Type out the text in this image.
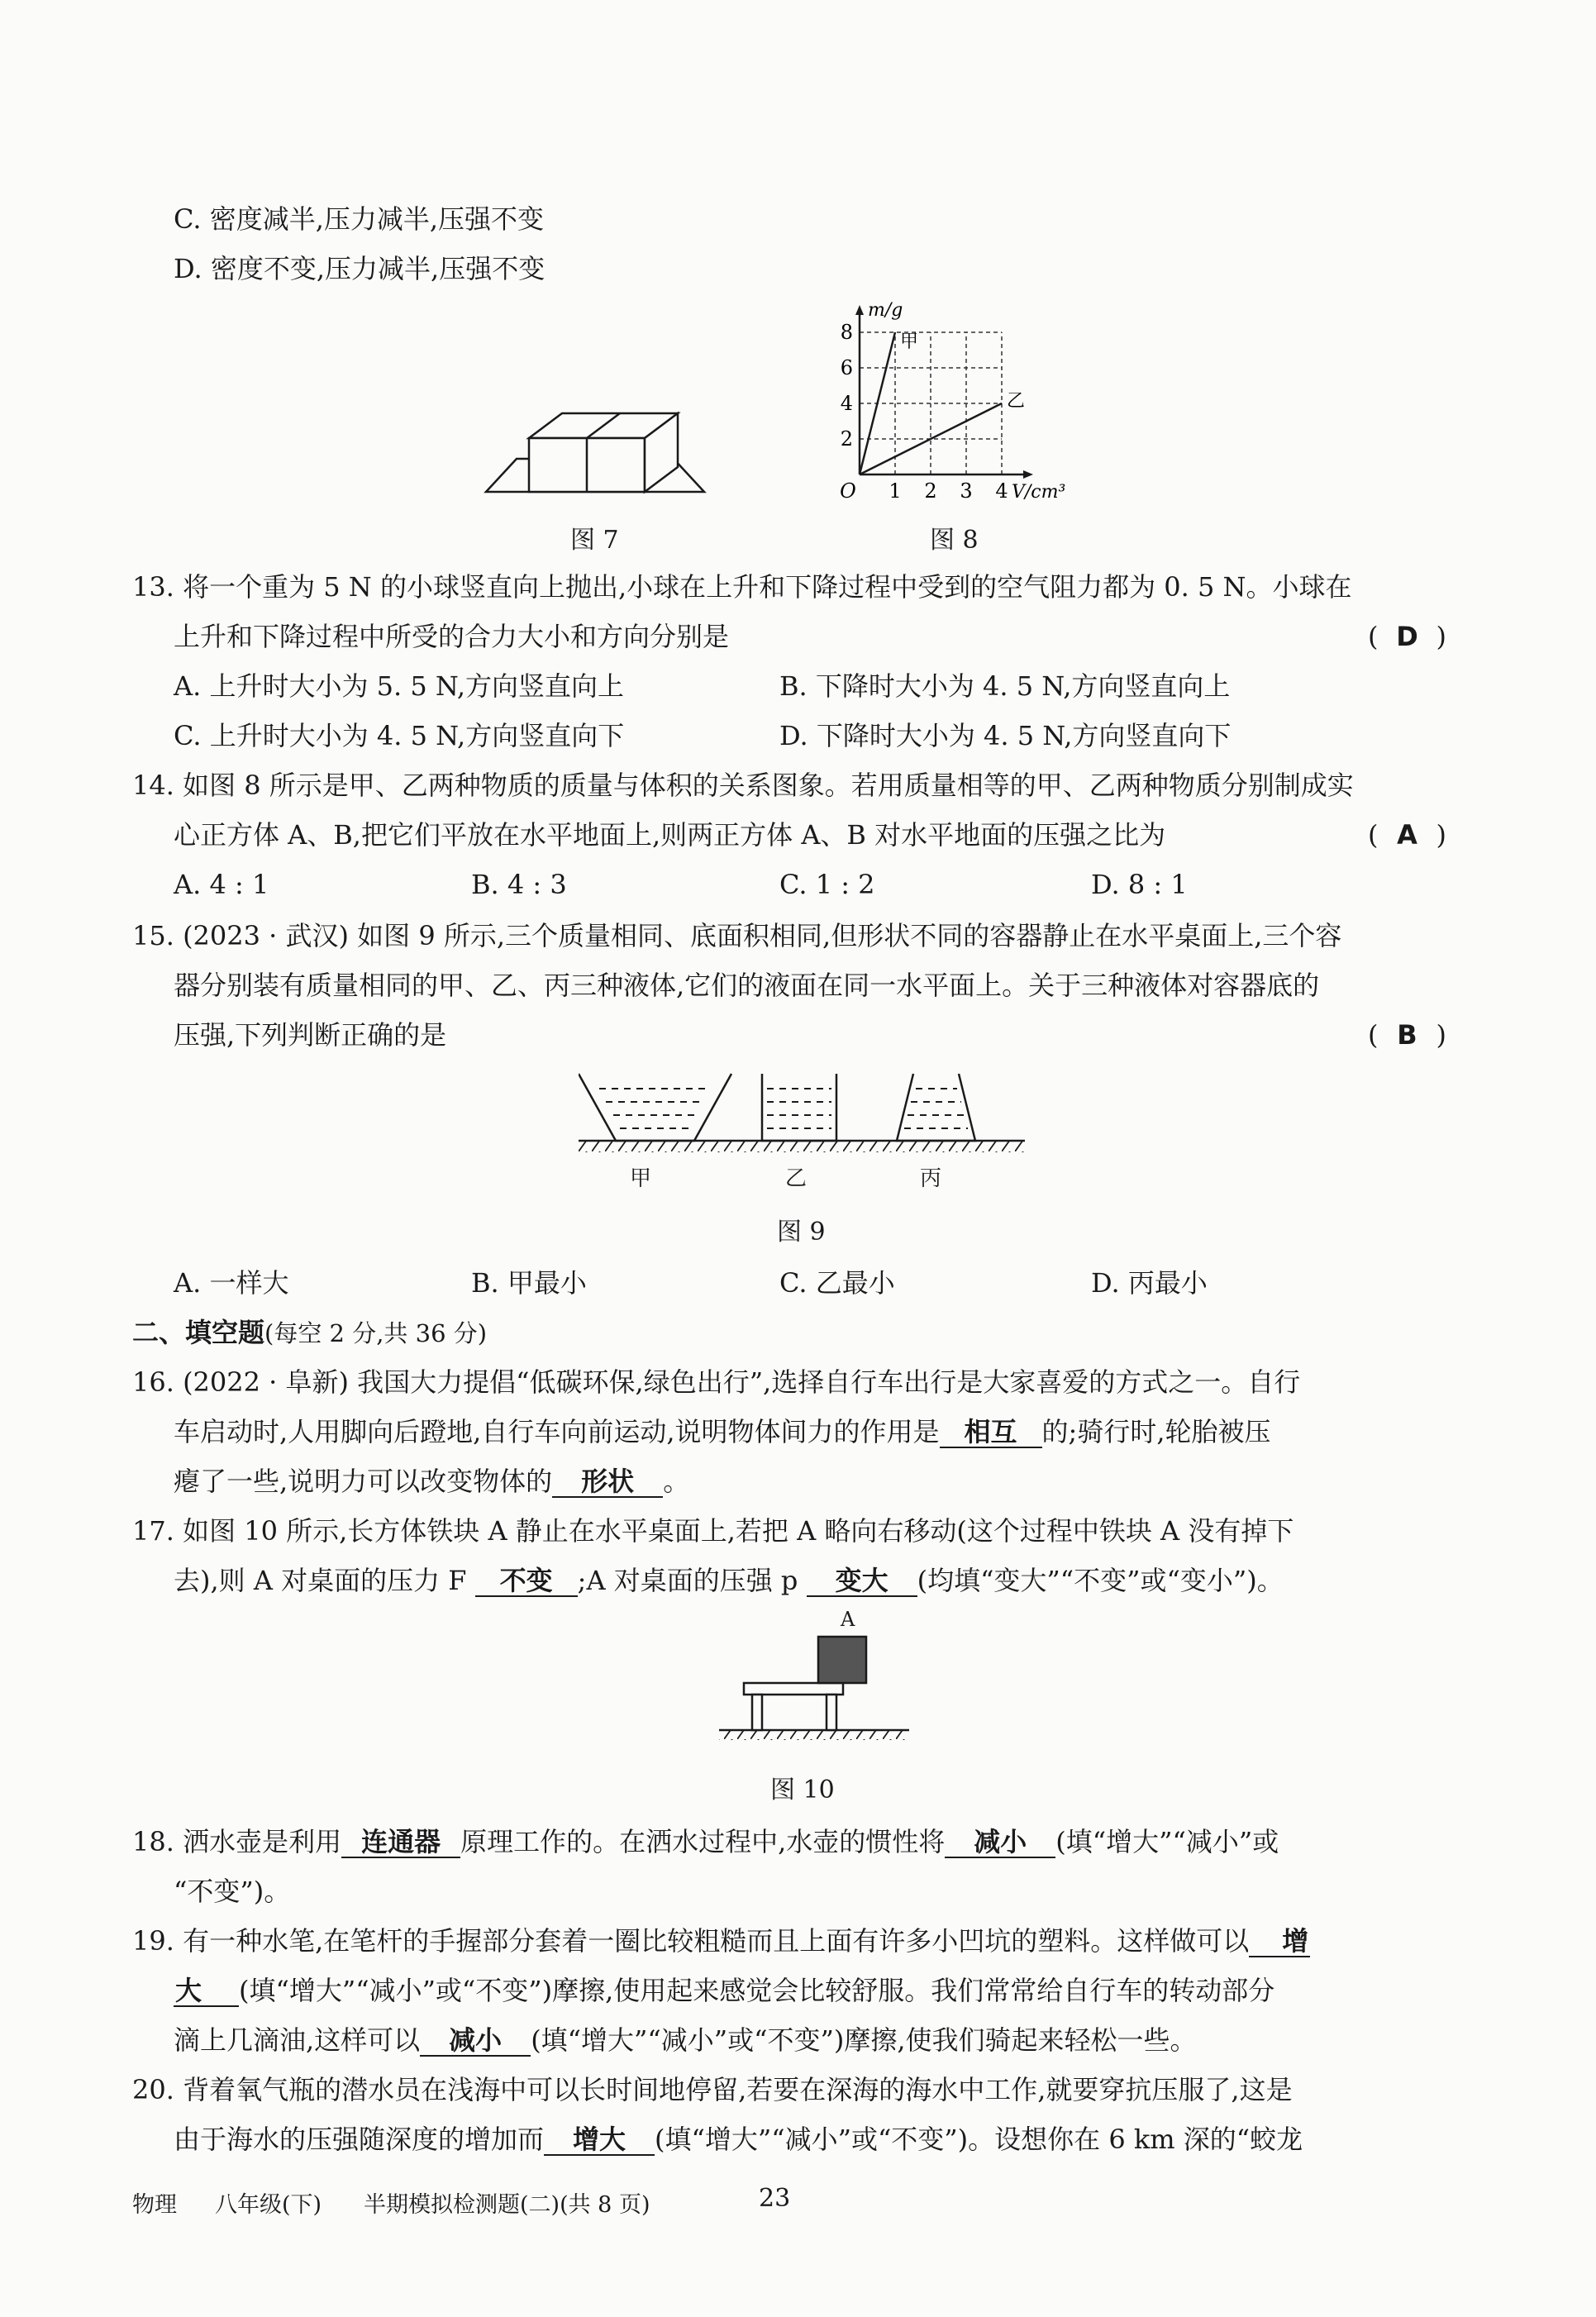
C. 密度减半,压力减半,压强不变
D. 密度不变,压力减半,压强不变
图 7
1 2 3 4
2
4
6
8
O	V/cm³
m/g
甲
乙
图 8
13. 将一个重为 5 N 的小球竖直向上抛出,小球在上升和下降过程中受到的空气阻力都为 0. 5 N。小球在
上升和下降过程中所受的合力大小和方向分别是	( D )
A. 上升时大小为 5. 5 N,方向竖直向上	B. 下降时大小为 4. 5 N,方向竖直向上
C. 上升时大小为 4. 5 N,方向竖直向下	D. 下降时大小为 4. 5 N,方向竖直向下
14. 如图 8 所示是甲、乙两种物质的质量与体积的关系图象。若用质量相等的甲、乙两种物质分别制成实
心正方体 A、B,把它们平放在水平地面上,则两正方体 A、B 对水平地面的压强之比为	( A )
A. 4 : 1	B. 4 : 3	C. 1 : 2	D. 8 : 1
15. (2023 · 武汉) 如图 9 所示,三个质量相同、底面积相同,但形状不同的容器静止在水平桌面上,三个容
器分别装有质量相同的甲、乙、丙三种液体,它们的液面在同一水平面上。关于三种液体对容器底的
压强,下列判断正确的是	( B )
甲	乙	丙
图 9
A. 一样大	B. 甲最小	C. 乙最小	D. 丙最小
二、填空题(每空 2 分,共 36 分)
16. (2022 · 阜新) 我国大力提倡“低碳环保,绿色出行”,选择自行车出行是大家喜爱的方式之一。自行
车启动时,人用脚向后蹬地,自行车向前运动,说明物体间力的作用是 相互 的;骑行时,轮胎被压
瘪了一些,说明力可以改变物体的 形状 。
17. 如图 10 所示,长方体铁块 A 静止在水平桌面上,若把 A 略向右移动(这个过程中铁块 A 没有掉下
去),则 A 对桌面的压力 F 不变 ;A 对桌面的压强 p 变大 (均填“变大”“不变”或“变小”)。
A
图 10
18. 洒水壶是利用 连通器 原理工作的。在洒水过程中,水壶的惯性将 减小 (填“增大”“减小”或
“不变”)。
19. 有一种水笔,在笔杆的手握部分套着一圈比较粗糙而且上面有许多小凹坑的塑料。这样做可以 增
大 (填“增大”“减小”或“不变”)摩擦,使用起来感觉会比较舒服。我们常常给自行车的转动部分
滴上几滴油,这样可以 减小 (填“增大”“减小”或“不变”)摩擦,使我们骑起来轻松一些。
20. 背着氧气瓶的潜水员在浅海中可以长时间地停留,若要在深海的海水中工作,就要穿抗压服了,这是
由于海水的压强随深度的增加而 增大 (填“增大”“减小”或“不变”)。设想你在 6 km 深的“蛟龙
物理 八年级(下) 半期模拟检测题(二)(共 8 页)	23
